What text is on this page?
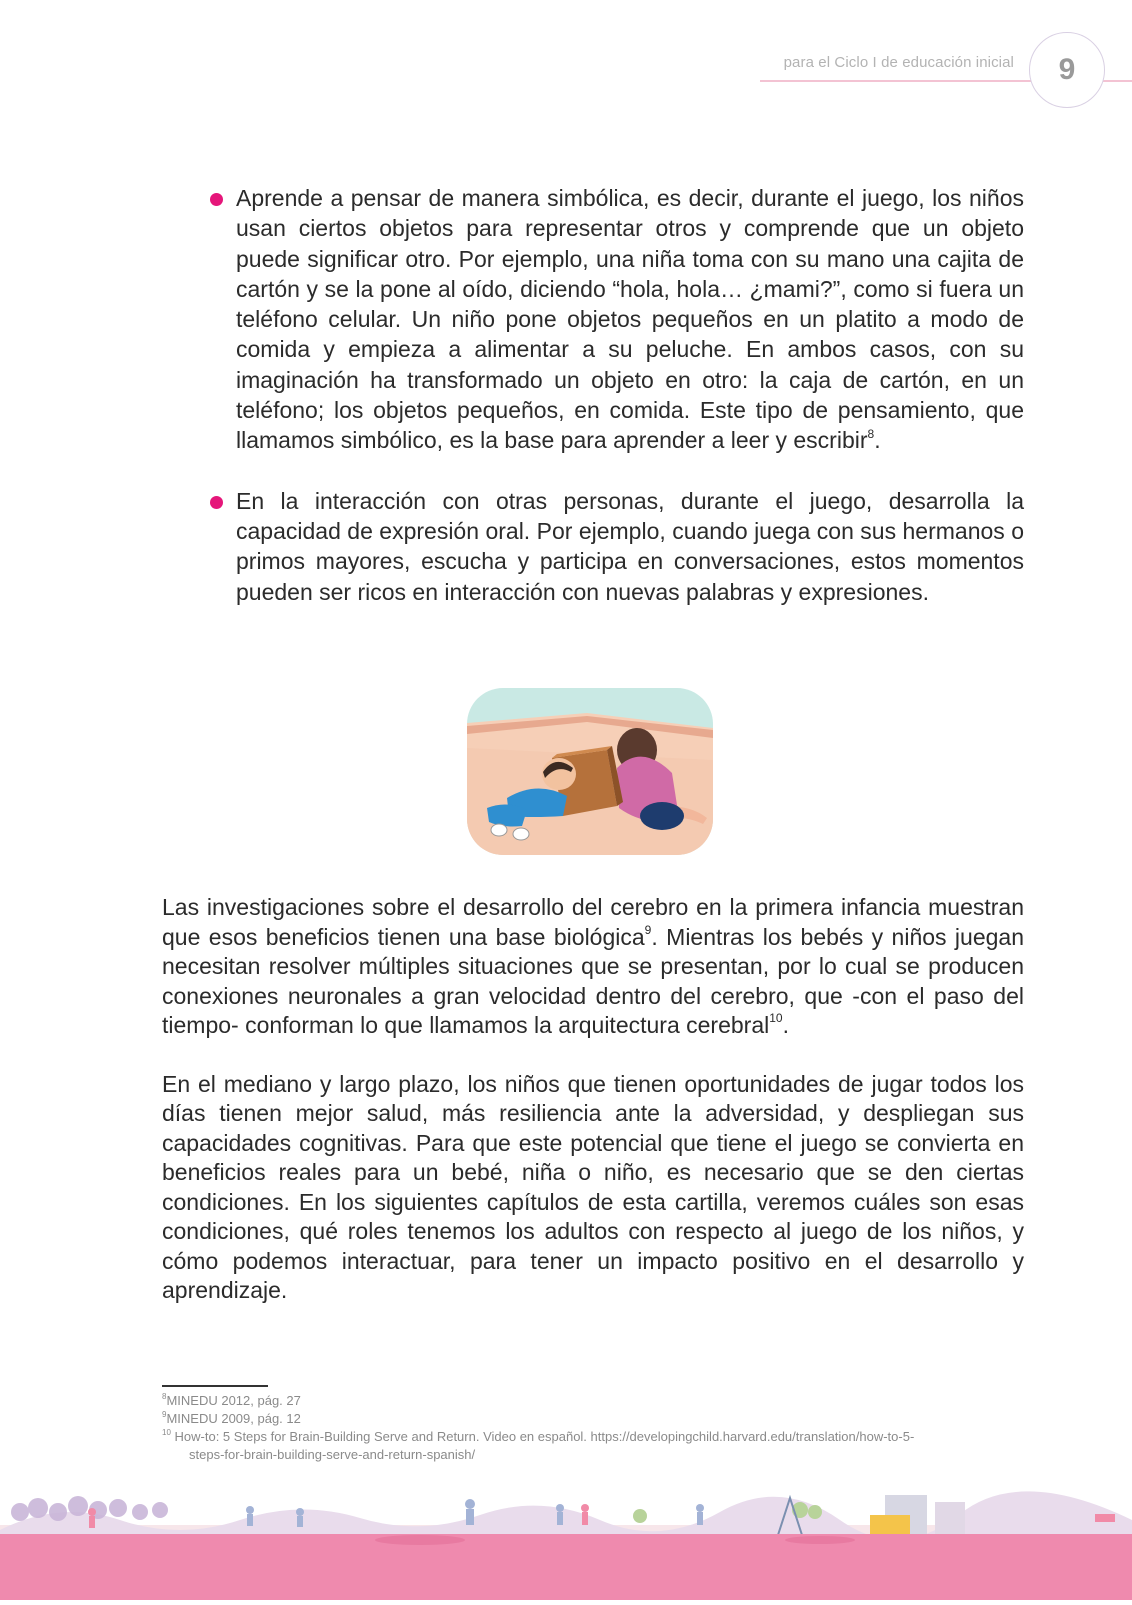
para el Ciclo I de educación inicial	9
Aprende a pensar de manera simbólica, es decir, durante el juego, los niños usan ciertos objetos para representar otros y comprende que un objeto puede significar otro. Por ejemplo, una niña toma con su mano una cajita de cartón y se la pone al oído, diciendo “hola, hola… ¿mami?”, como si fuera un teléfono celular. Un niño pone objetos pequeños en un platito a modo de comida y empieza a alimentar a su peluche. En ambos casos, con su imaginación ha transformado un objeto en otro: la caja de cartón, en un teléfono; los objetos pequeños, en comida. Este tipo de pensamiento, que llamamos simbólico, es la base para aprender a leer y escribir$^8$.
En la interacción con otras personas, durante el juego, desarrolla la capacidad de expresión oral. Por ejemplo, cuando juega con sus hermanos o primos mayores, escucha y participa en conversaciones, estos momentos pueden ser ricos en interacción con nuevas palabras y expresiones.

Las investigaciones sobre el desarrollo del cerebro en la primera infancia muestran que esos beneficios tienen una base biológica$^9$. Mientras los bebés y niños juegan necesitan resolver múltiples situaciones que se presentan, por lo cual se producen conexiones neuronales a gran velocidad dentro del cerebro, que -con el paso del tiempo- conforman lo que llamamos la arquitectura cerebral$^{10}$.

En el mediano y largo plazo, los niños que tienen oportunidades de jugar todos los días tienen mejor salud, más resiliencia ante la adversidad, y despliegan sus capacidades cognitivas. Para que este potencial que tiene el juego se convierta en beneficios reales para un bebé, niña o niño, es necesario que se den ciertas condiciones. En los siguientes capítulos de esta cartilla, veremos cuáles son esas condiciones, qué roles tenemos los adultos con respecto al juego de los niños, y cómo podemos interactuar, para tener un impacto positivo en el desarrollo y aprendizaje.

$^8$MINEDU 2012, pág. 27
$^9$MINEDU 2009, pág. 12
$^{10}$ How-to: 5 Steps for Brain-Building Serve and Return. Video en español. https://developingchild.harvard.edu/translation/how-to-5-
steps-for-brain-building-serve-and-return-spanish/
